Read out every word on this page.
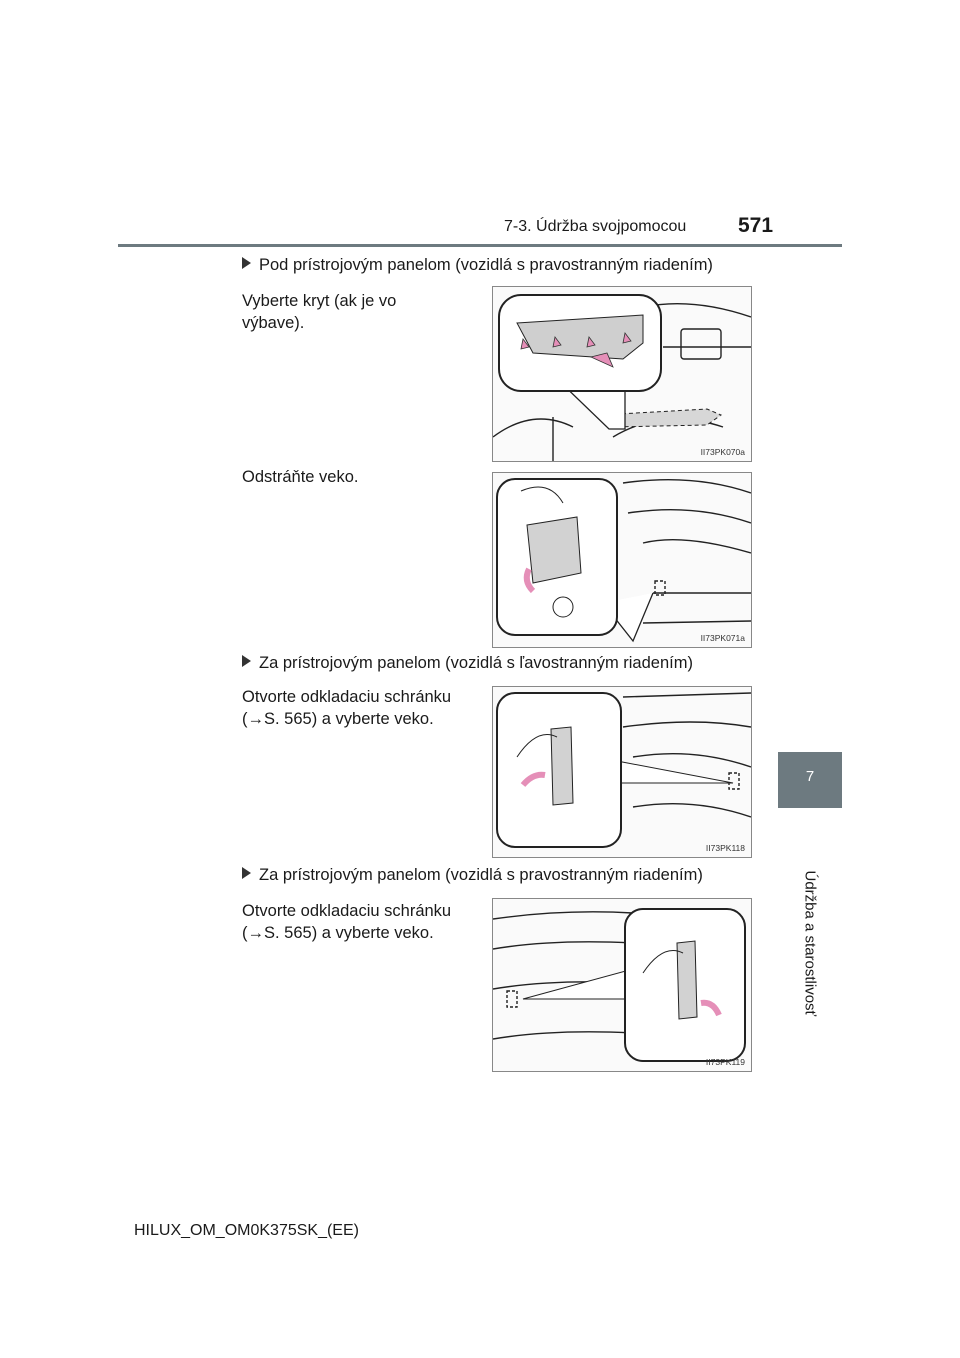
7-3. Údržba svojpomocou 571
7
Údržba a starostlivosť
Pod prístrojovým panelom (vozidlá s pravostranným riadením)
Vyberte kryt (ak je vo výbave).
II73PK070a
Odstráňte veko.
II73PK071a
Za prístrojovým panelom (vozidlá s ľavostranným riadením)
Otvorte odkladaciu schránku (→S. 565) a vyberte veko.
II73PK118
Za prístrojovým panelom (vozidlá s pravostranným riadením)
Otvorte odkladaciu schránku (→S. 565) a vyberte veko.
II73PK119
HILUX_OM_OM0K375SK_(EE)
